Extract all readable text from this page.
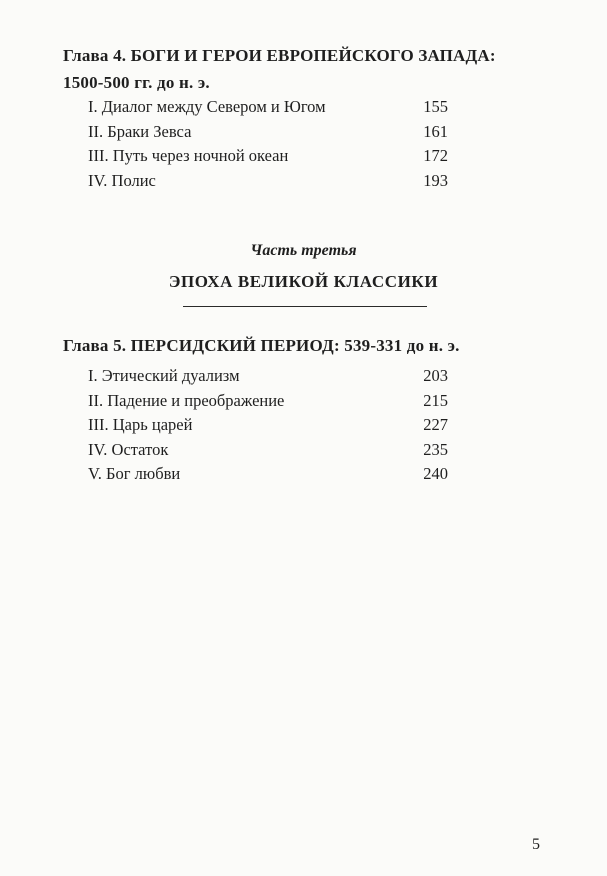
Глава 4. БОГИ И ГЕРОИ ЕВРОПЕЙСКОГО ЗАПАДА:
1500-500 гг. до н. э.
I. Диалог между Севером и Югом	155
II. Браки Зевса	161
III. Путь через ночной океан	172
IV. Полис	193
Часть третья
ЭПОХА ВЕЛИКОЙ КЛАССИКИ
Глава 5. ПЕРСИДСКИЙ ПЕРИОД: 539-331 до н. э.
I. Этический дуализм	203
II. Падение и преображение	215
III. Царь царей	227
IV. Остаток	235
V. Бог любви	240
5
